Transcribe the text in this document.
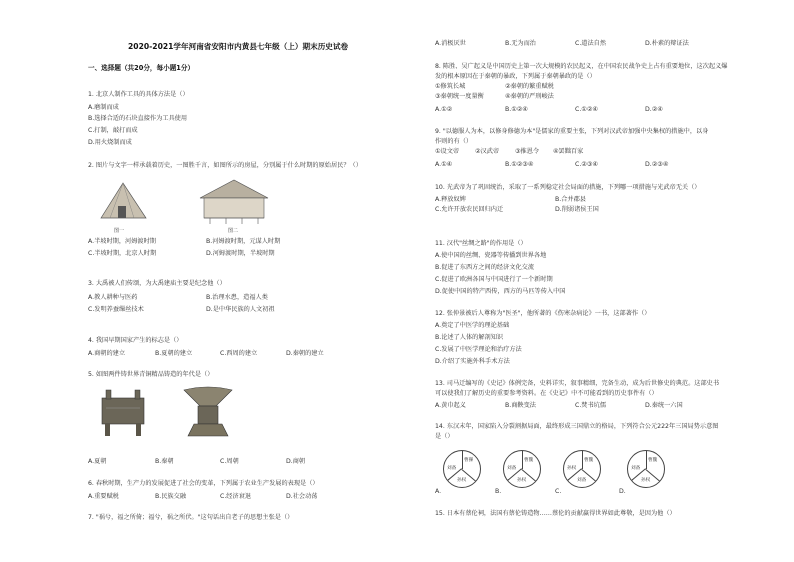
2020-2021学年河南省安阳市内黄县七年级（上）期末历史试卷
一、选择题（共20分，每小题1分）
1. 北京人制作工具的具体方法是（）
A.磨制而成
B.选择合适的石块直接作为工具使用
C.打制，敲打而成
D.用火烧制而成
2. 图片与文字一样承载着历史，一图胜千言，如图所示的房屋，分别属于什么时期的原始居民？（）
图一	图二
A.半坡时期，河姆渡时期	B.河姆渡时期，元谋人时期
C.半坡时期，北京人时期	D.河姆渡时期，半坡时期
3. 大禹被人们传颂，为大禹建庙主要是纪念他（）
A.教人耕种与医药	B.治理水患，造福人类
C.发明养蚕缫丝技术	D.是中华民族的人文初祖
4. 我国早期国家产生的标志是（）
A.商朝的建立	B.夏朝的建立	C.西周的建立	D.秦朝的建立
5. 如图两件铸世界青铜精品铸造的年代是（）
A.夏朝	B.秦朝	C.周朝	D.商朝
6. 春秋时期，生产力的发展促进了社会的变革，下列属于农业生产发展的表现是（）
A.重要赋税	B.民族交融	C.经济衰退	D.社会动荡
7. "祸兮，福之所倚；福兮，祸之所伏。"这句话出自老子的思想主张是（）
A.消极厌世	B.无为而治	C.道法自然	D.朴素的辩证法
8. 陈胜、吴广起义是中国历史上第一次大规模的农民起义，在中国农民战争史上占有重要地位，这次起义爆
发的根本原因在于秦朝的暴政，下列属于秦朝暴政的是（）
①修筑长城	②秦朝的繁重赋税
③秦朝统一度量衡	④秦朝的严刑峻法
A.①②	B.①②④	C.①②④	D.②④
9. "以德服人为本，以修身修德为本"是儒家的重要主张，下列对汉武帝加强中央集权的措施中，以身
作则的有（）
①设文帝	②汉武帝	③推恩令 ④罢黜百家
A.①④	B.①②③④	C.②③④	D.②③④
10. 光武帝为了巩固统治，采取了一系列稳定社会局面的措施，下列哪一项措施与光武帝无关（）
A.释放奴婢	B.合并郡县
C.允许开放农民回归内迁	D.削弱诸侯王国
11. 汉代"丝绸之路"的作用是（）
A.使中国的丝绸、瓷器等传播到世界各地
B.促进了东西方之间的经济文化交流
C.促进了欧洲各国与中国进行了一个新时期
D.促使中国的特产西传，西方的马匹等传入中国
12. 张仲景被后人尊称为"医圣"，他所著的《伤寒杂病论》一书，这部著作（）
A.奠定了中医学的理论基础
B.论述了人体的解剖知识
C.发展了中医学理论和治疗方法
D.介绍了实施外科手术方法
13. 司马迁编写的《史记》体例完备，史料详实，叙事精细，完备生动，成为后世修史的典范。这部史书
可以使我们了解历史的重要参考资料。在《史记》中不可能看到的历史事件有（）
A.黄巾起义	B.商鞅变法	C.焚书坑儒	D.秦统一六国
14. 东汉末年，国家陷入分裂割据局面，最终形成三国鼎立的格局，下列符合公元222年三国局势示意图
是（）
曹操
刘备
孙权
A.
曹魏
刘备
孙权
B.
曹魏
孙权
刘备
C.
曹魏
刘备
孙权
D.
15. 日本有蔡伦祠，法国有蔡伦铸造物……蔡伦的贡献赢得世界如此尊敬，是因为他（）
